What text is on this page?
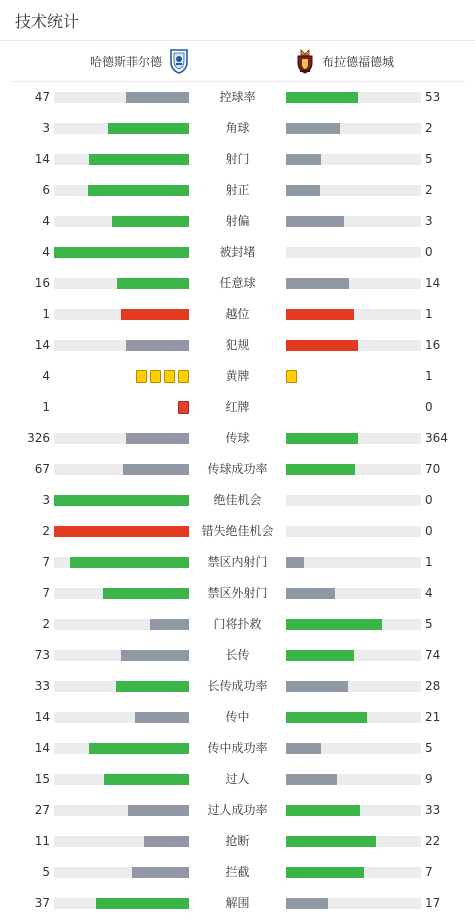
技术统计
哈德斯菲尔德	布拉德福德城
47	控球率	53
3	角球	2
14	射门	5
6	射正	2
4	射偏	3
4	被封堵	0
16	任意球	14
1	越位	1
14	犯规	16
4	黄牌	1
1	红牌	0
326	传球	364
67	传球成功率	70
3	绝佳机会	0
2	错失绝佳机会	0
7	禁区内射门	1
7	禁区外射门	4
2	门将扑救	5
73	长传	74
33	长传成功率	28
14	传中	21
14	传中成功率	5
15	过人	9
27	过人成功率	33
11	抢断	22
5	拦截	7
37	解围	17
